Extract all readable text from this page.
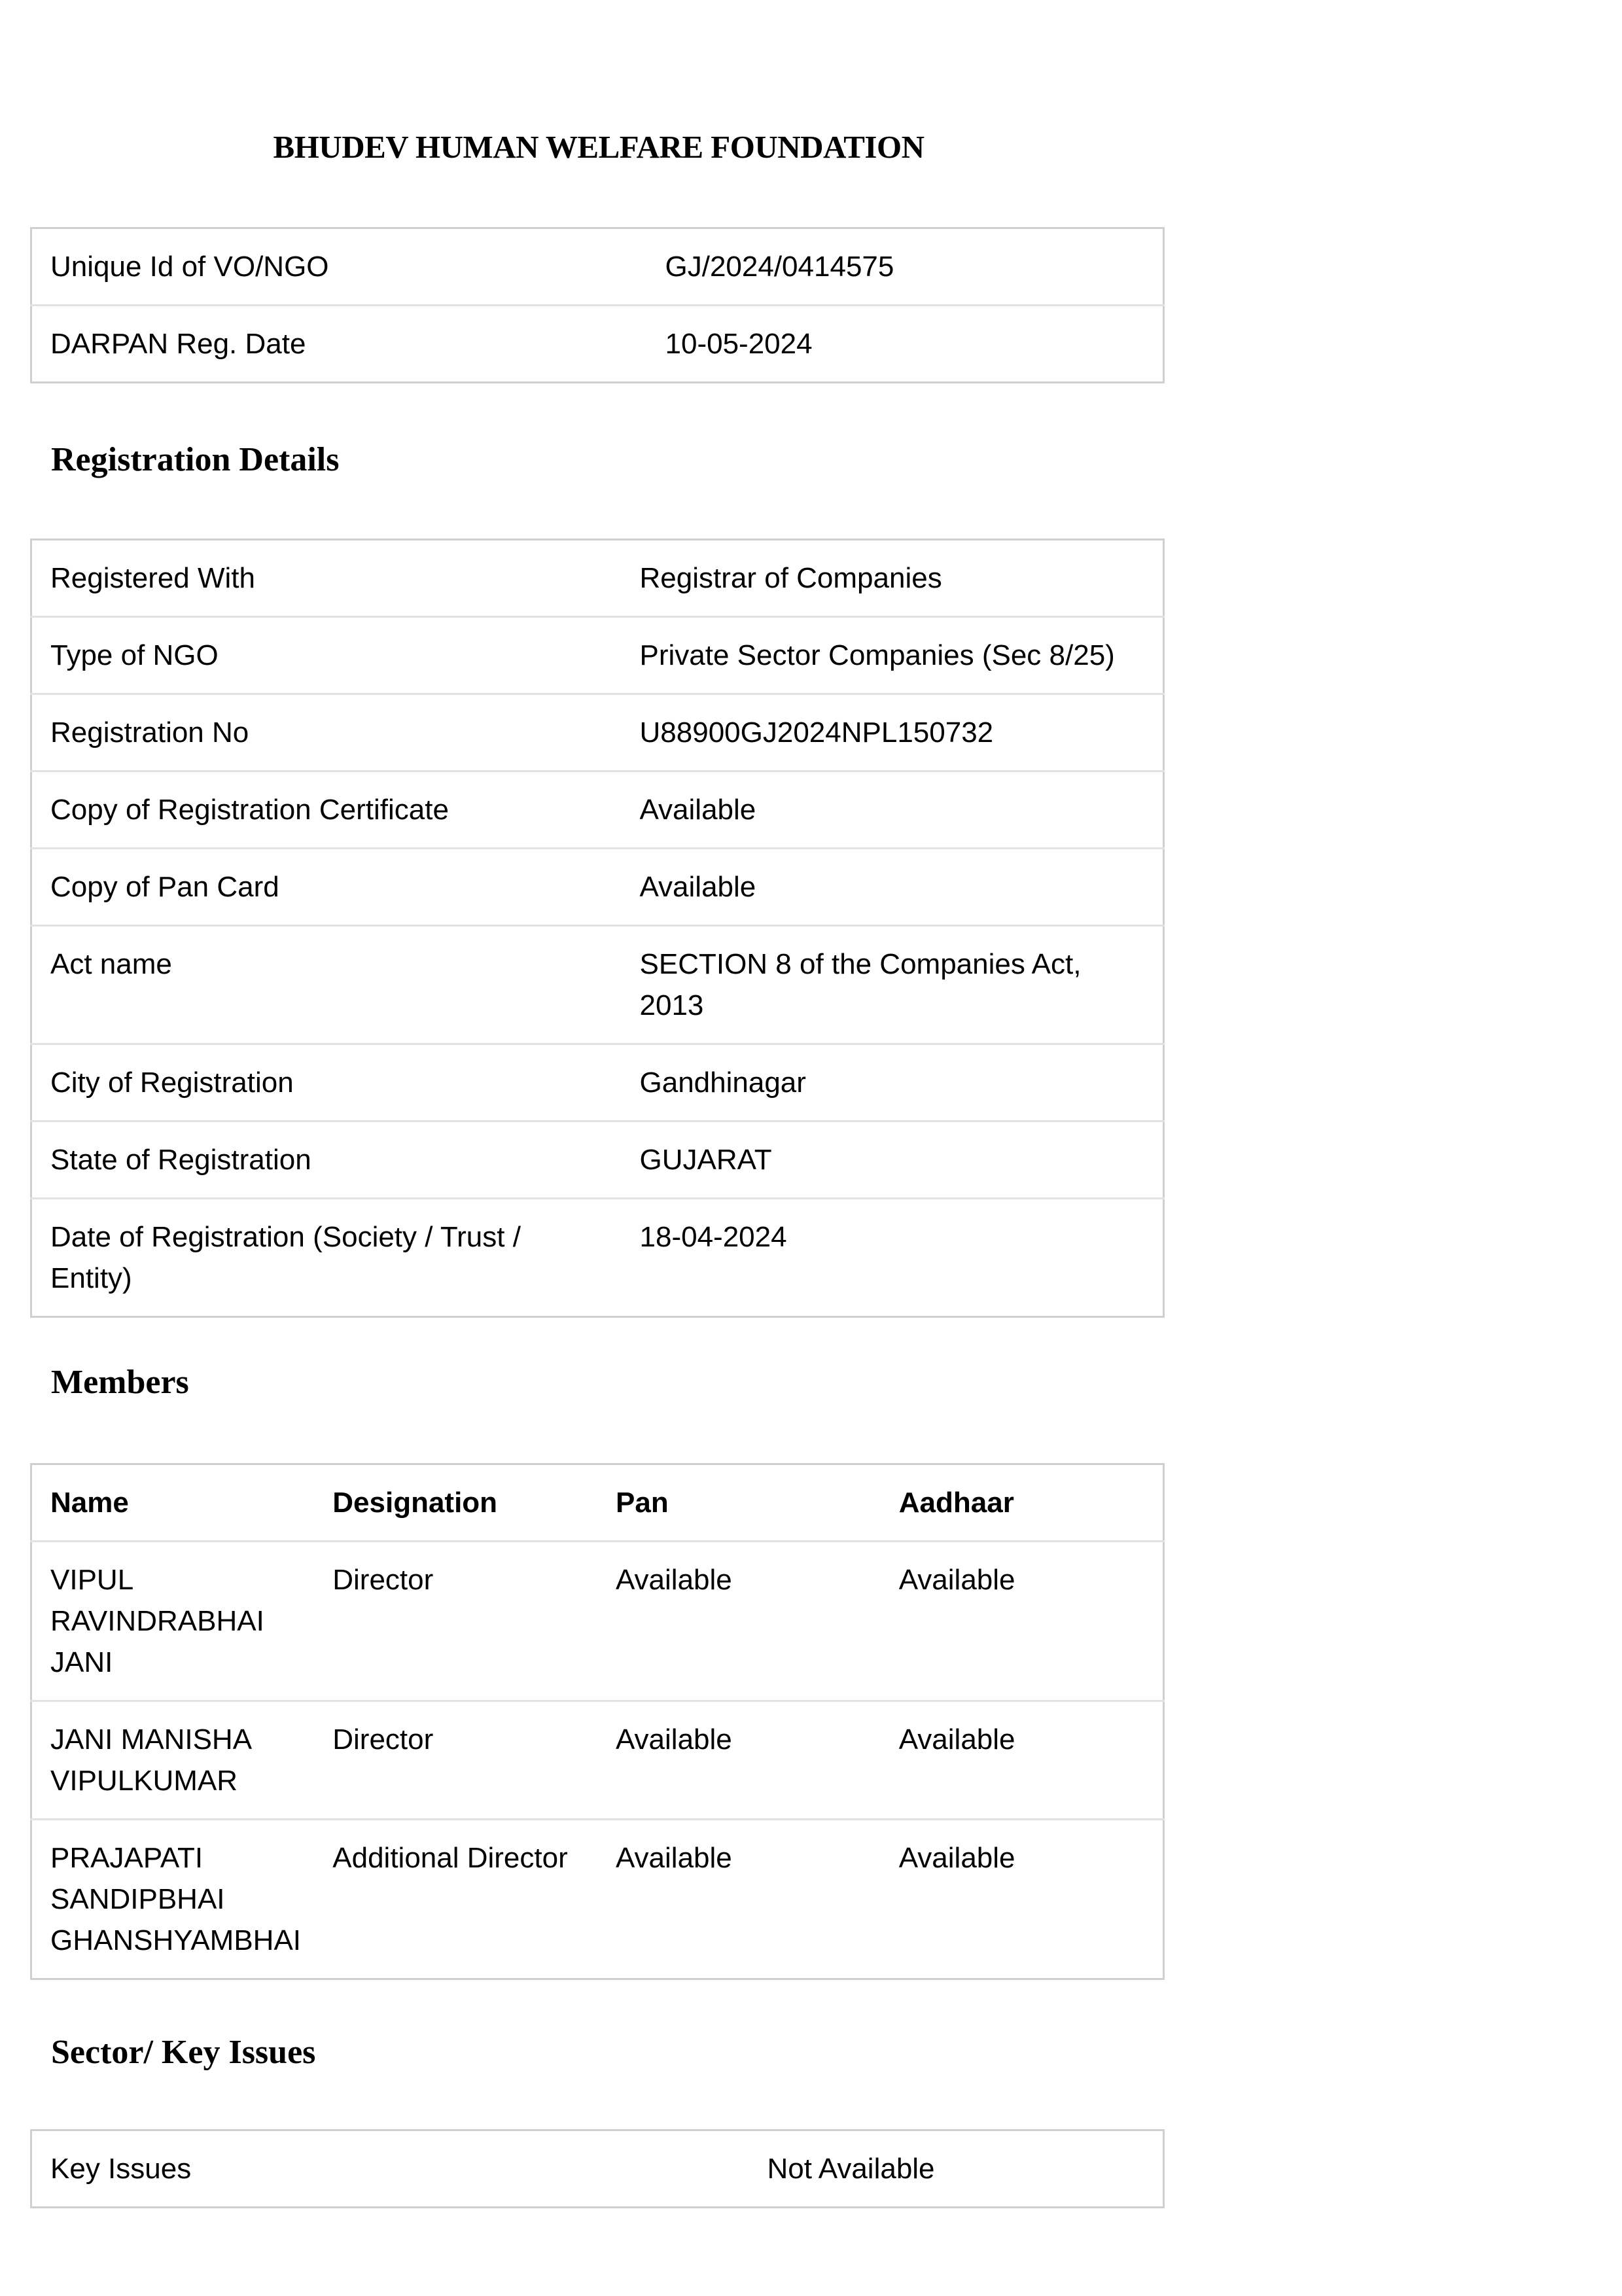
BHUDEV HUMAN WELFARE FOUNDATION
Unique Id of VO/NGO	GJ/2024/0414575
DARPAN Reg. Date	10-05-2024
Registration Details
Registered With	Registrar of Companies
Type of NGO	Private Sector Companies (Sec 8/25)
Registration No	U88900GJ2024NPL150732
Copy of Registration Certificate	Available
Copy of Pan Card	Available
Act name	SECTION 8 of the Companies Act, 2013
City of Registration	Gandhinagar
State of Registration	GUJARAT
Date of Registration (Society / Trust / Entity)	18-04-2024
Members
Name	Designation	Pan	Aadhaar
VIPUL RAVINDRABHAI JANI	Director	Available	Available
JANI MANISHA VIPULKUMAR	Director	Available	Available
PRAJAPATI SANDIPBHAI GHANSHYAMBHAI	Additional Director	Available	Available
Sector/ Key Issues
Key Issues	Not Available
